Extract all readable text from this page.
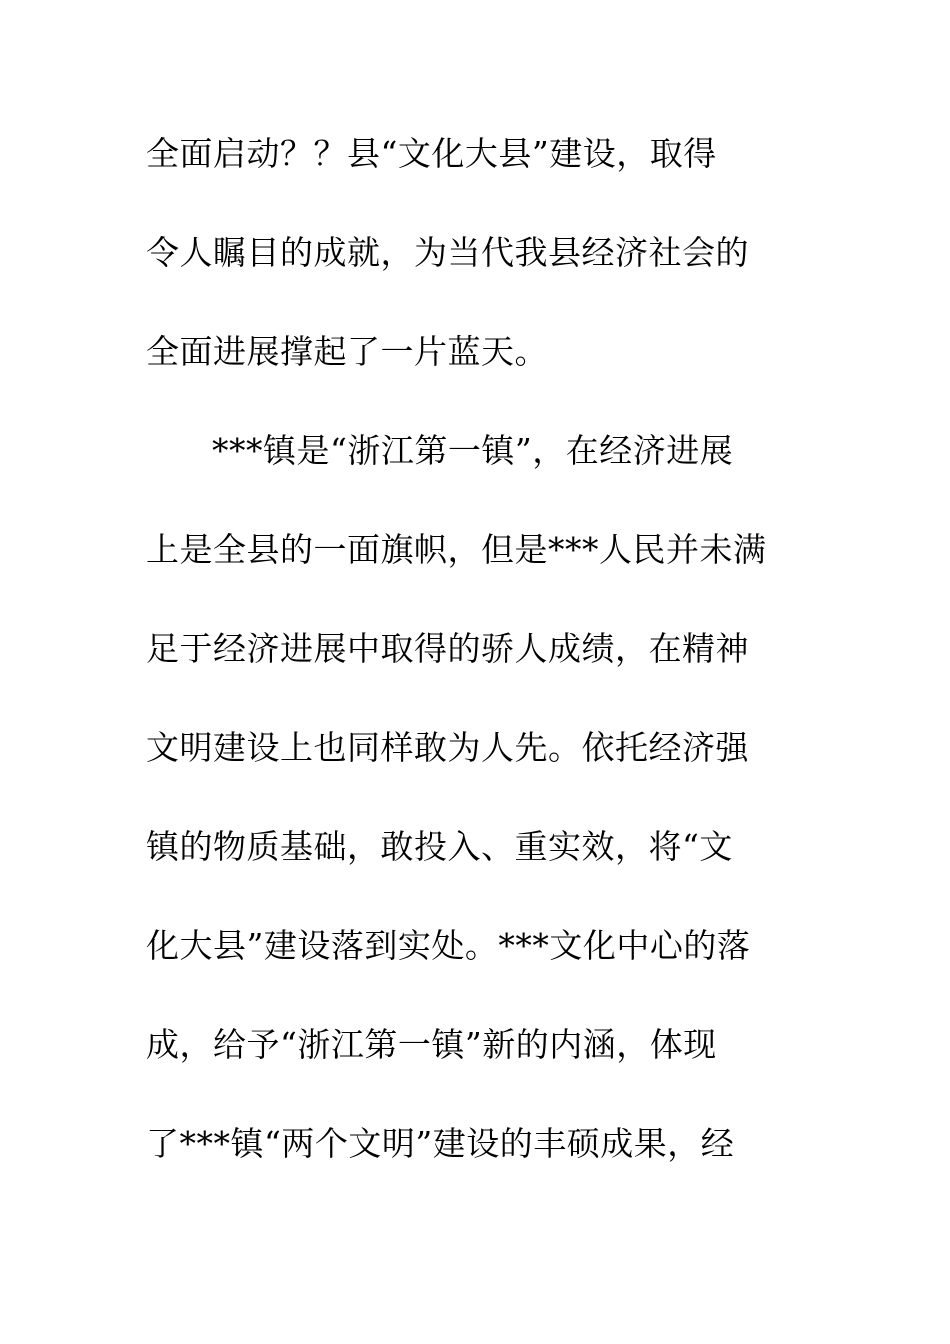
全面启动？？县“文化大县”建设，取得
令人瞩目的成就，为当代我县经济社会的
全面进展撑起了一片蓝天。
***镇是“浙江第一镇”，在经济进展
上是全县的一面旗帜，但是***人民并未满
足于经济进展中取得的骄人成绩，在精神
文明建设上也同样敢为人先。依托经济强
镇的物质基础，敢投入、重实效，将“文
化大县”建设落到实处。***文化中心的落
成，给予“浙江第一镇”新的内涵，体现
了***镇“两个文明”建设的丰硕成果，经
